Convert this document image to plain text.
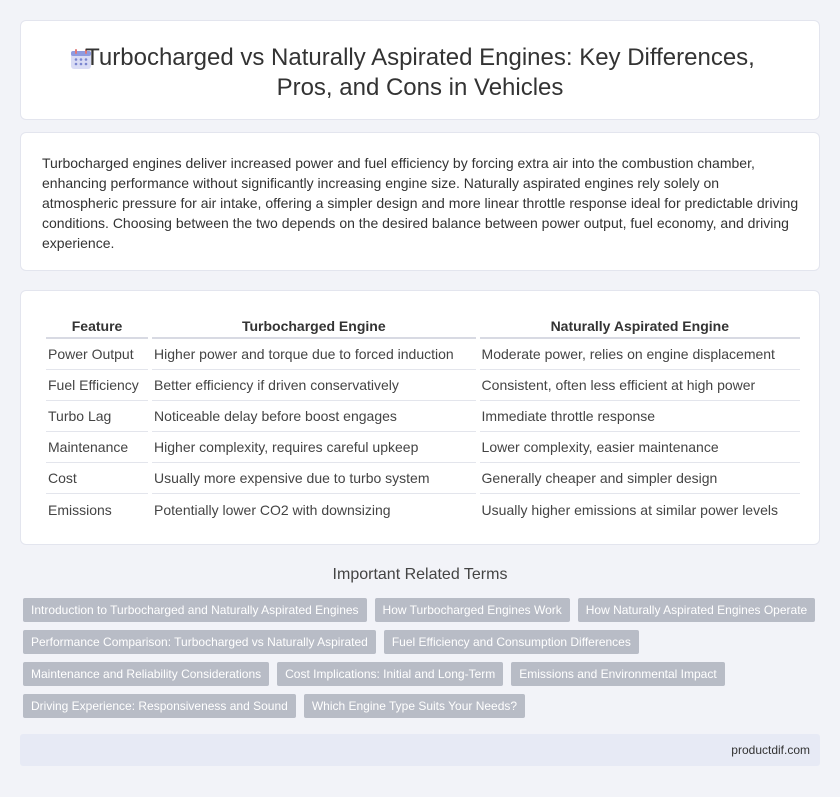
Turbocharged vs Naturally Aspirated Engines: Key Differences, Pros, and Cons in Vehicles

Turbocharged engines deliver increased power and fuel efficiency by forcing extra air into the combustion chamber, enhancing performance without significantly increasing engine size. Naturally aspirated engines rely solely on atmospheric pressure for air intake, offering a simpler design and more linear throttle response ideal for predictable driving conditions. Choosing between the two depends on the desired balance between power output, fuel economy, and driving experience.

Feature	Turbocharged Engine	Naturally Aspirated Engine
Power Output	Higher power and torque due to forced induction	Moderate power, relies on engine displacement
Fuel Efficiency	Better efficiency if driven conservatively	Consistent, often less efficient at high power
Turbo Lag	Noticeable delay before boost engages	Immediate throttle response
Maintenance	Higher complexity, requires careful upkeep	Lower complexity, easier maintenance
Cost	Usually more expensive due to turbo system	Generally cheaper and simpler design
Emissions	Potentially lower CO2 with downsizing	Usually higher emissions at similar power levels
Important Related Terms
Introduction to Turbocharged and Naturally Aspirated Engines	How Turbocharged Engines Work	How Naturally Aspirated Engines Operate
Performance Comparison: Turbocharged vs Naturally Aspirated	Fuel Efficiency and Consumption Differences
Maintenance and Reliability Considerations	Cost Implications: Initial and Long-Term	Emissions and Environmental Impact
Driving Experience: Responsiveness and Sound	Which Engine Type Suits Your Needs?
productdif.com
